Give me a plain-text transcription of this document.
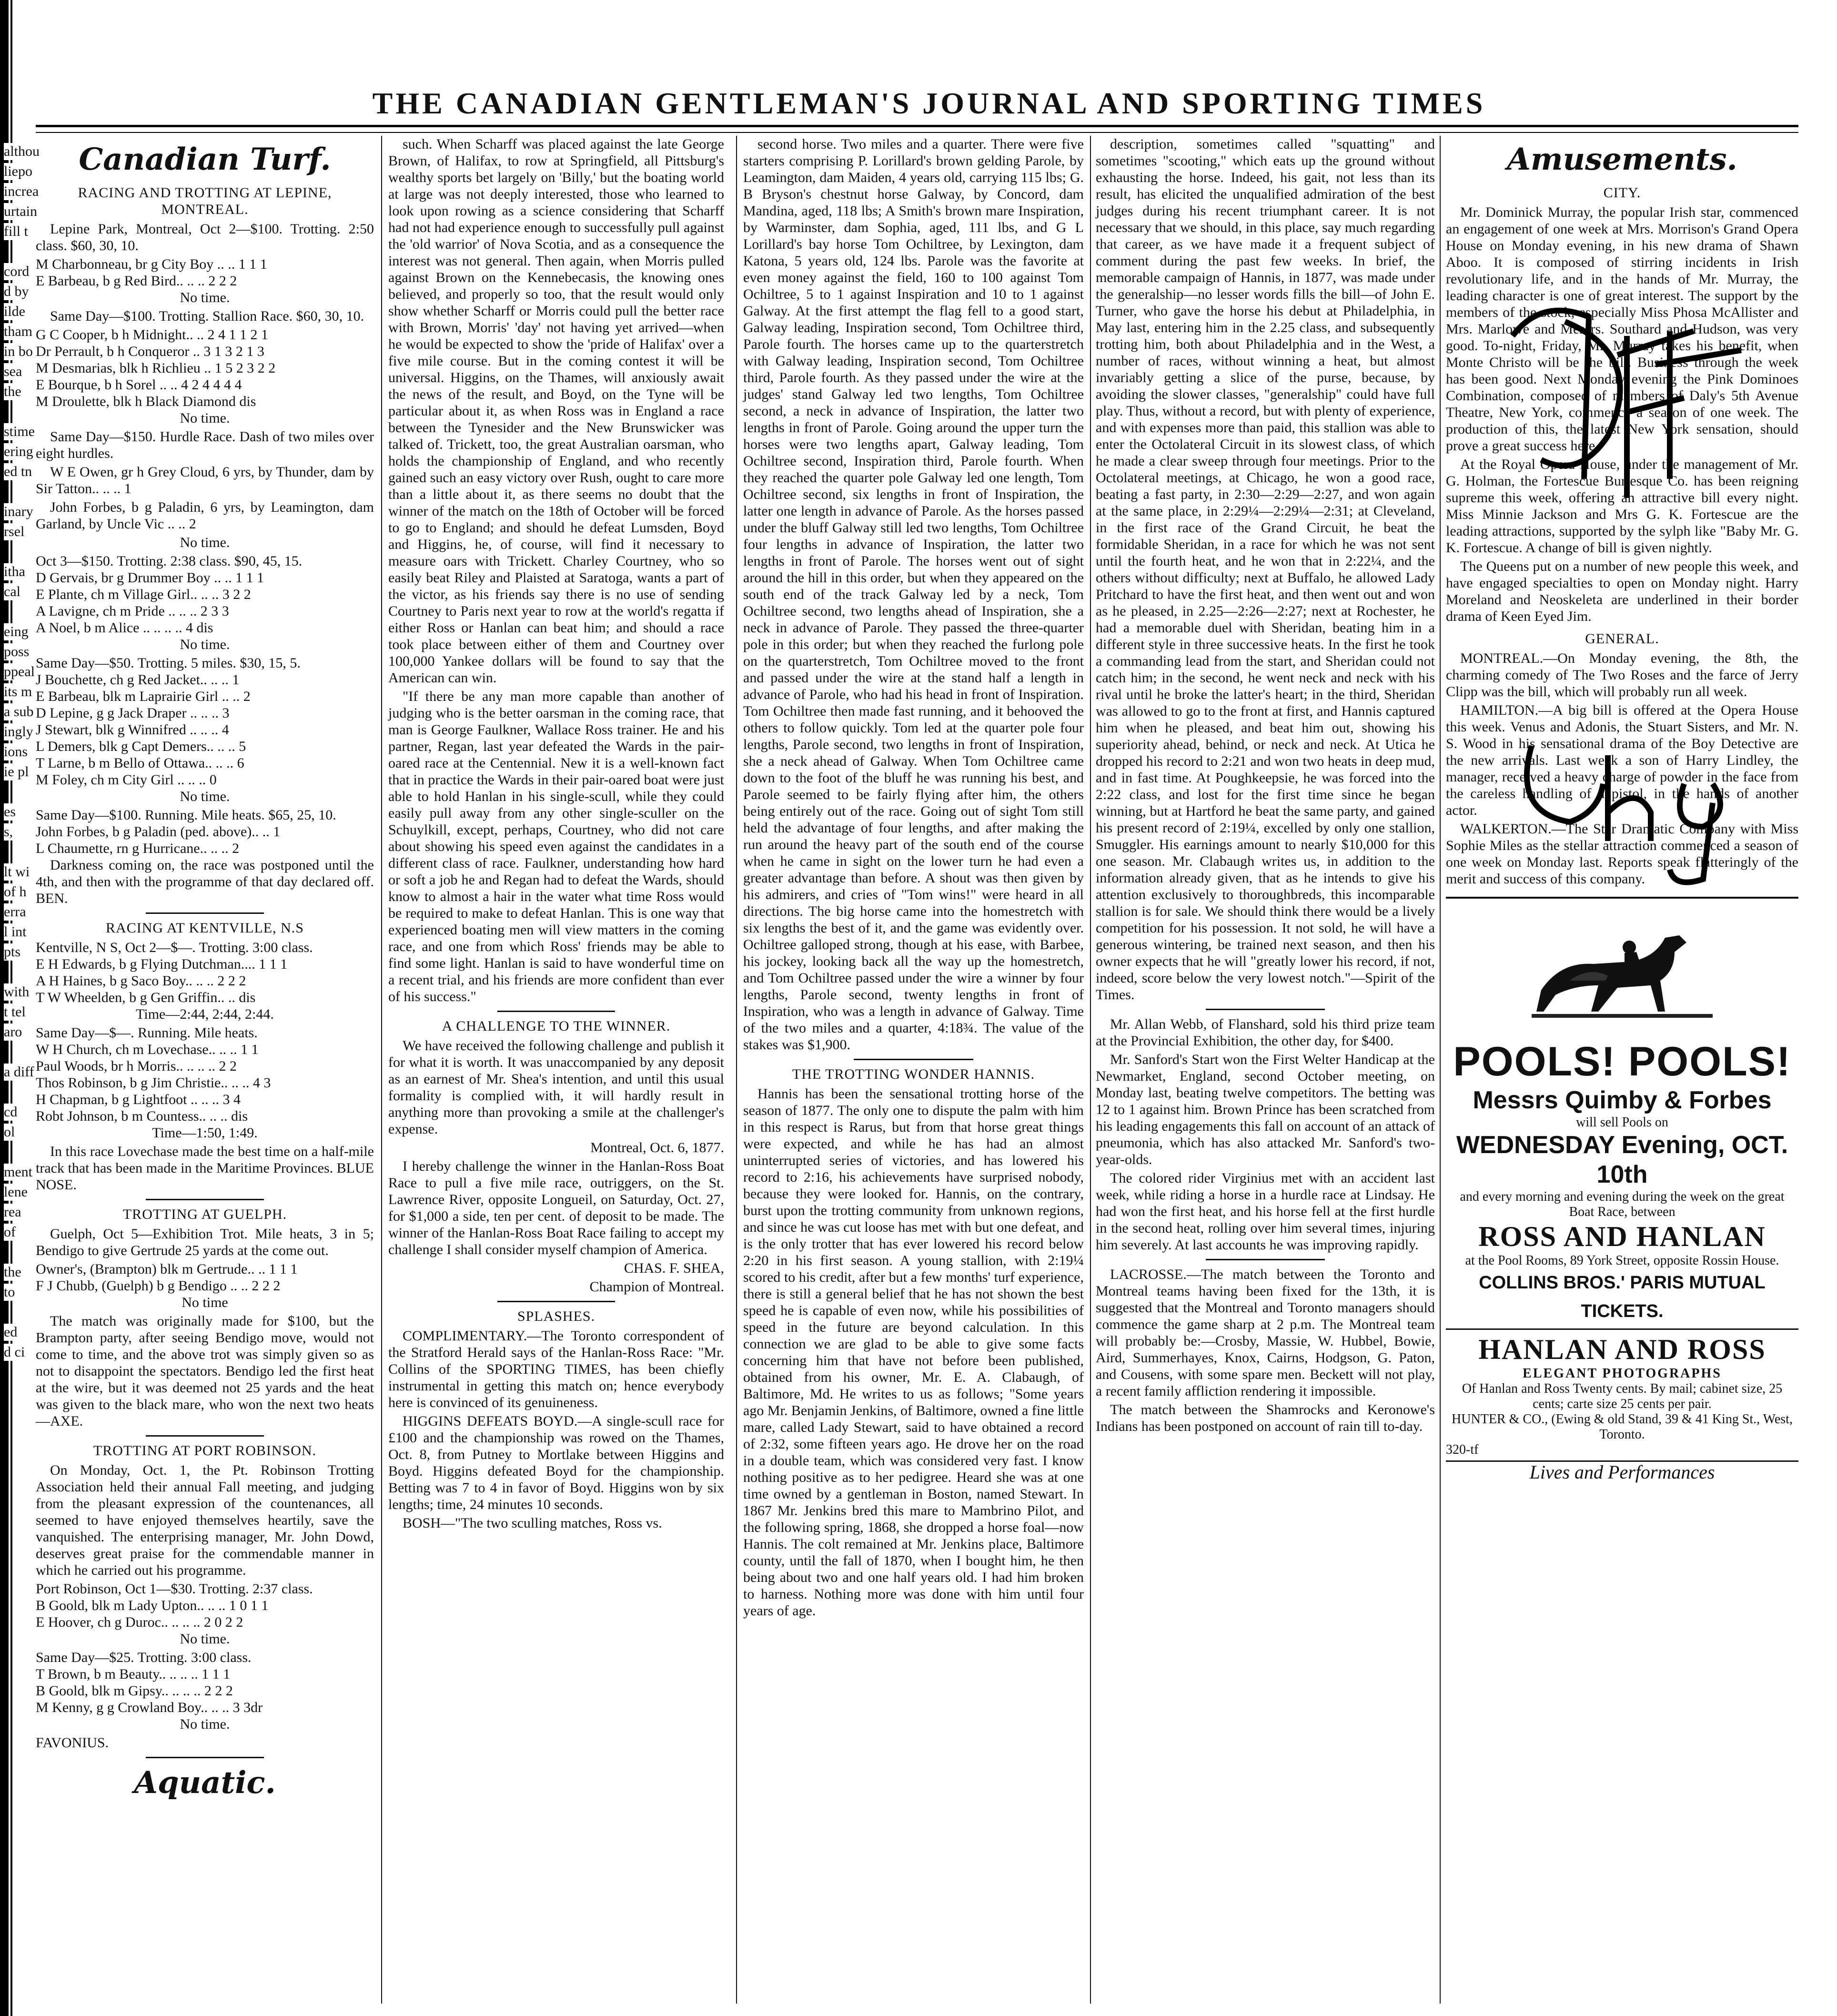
althou
liepo
increa
urtain
fill t
cord
d by
ilde
tham
in bo
sea
the
stime
ering
ed tn
inary
rsel
itha
cal
eing
poss
ppeal
its m
a sub
ingly
ions
ie pl
es
s,
lt wi
of h
erra
l int
pts
with
t tel
aro
a diff
cd
ol
ment
lene
rea
of
the
to
ed
d ci
THE CANADIAN GENTLEMAN'S JOURNAL AND SPORTING TIMES
Canadian Turf.
RACING AND TROTTING AT LEPINE, MONTREAL.

Lepine Park, Montreal, Oct 2—$100. Trotting. 2:50 class. $60, 30, 10.

M Charbonneau, br g City Boy .. .. 1 1 1

E Barbeau, b g Red Bird.. .. .. 2 2 2

No time.

Same Day—$100. Trotting. Stallion Race. $60, 30, 10.

G C Cooper, b h Midnight.. .. 2 4 1 1 2 1

Dr Perrault, b h Conqueror .. 3 1 3 2 1 3

M Desmarias, blk h Richlieu .. 1 5 2 3 2 2

E Bourque, b h Sorel .. .. 4 2 4 4 4 4

M Droulette, blk h Black Diamond dis

No time.

Same Day—$150. Hurdle Race. Dash of two miles over eight hurdles.

W E Owen, gr h Grey Cloud, 6 yrs, by Thunder, dam by Sir Tatton.. .. .. 1

John Forbes, b g Paladin, 6 yrs, by Leamington, dam Garland, by Uncle Vic .. .. 2

No time.

Oct 3—$150. Trotting. 2:38 class. $90, 45, 15.

D Gervais, br g Drummer Boy .. .. 1 1 1

E Plante, ch m Village Girl.. .. .. 3 2 2

A Lavigne, ch m Pride .. .. .. 2 3 3

A Noel, b m Alice .. .. .. .. 4 dis

No time.

Same Day—$50. Trotting. 5 miles. $30, 15, 5.

J Bouchette, ch g Red Jacket.. .. .. 1

E Barbeau, blk m Laprairie Girl .. .. 2

D Lepine, g g Jack Draper .. .. .. 3

J Stewart, blk g Winnifred .. .. .. 4

L Demers, blk g Capt Demers.. .. .. 5

T Larne, b m Bello of Ottawa.. .. .. 6

M Foley, ch m City Girl .. .. .. 0

No time.

Same Day—$100. Running. Mile heats. $65, 25, 10.

John Forbes, b g Paladin (ped. above).. .. 1

L Chaumette, rn g Hurricane.. .. .. 2

Darkness coming on, the race was postponed until the 4th, and then with the programme of that day declared off. BEN.

RACING AT KENTVILLE, N.S

Kentville, N S, Oct 2—$—. Trotting. 3:00 class.

E H Edwards, b g Flying Dutchman.... 1 1 1

A H Haines, b g Saco Boy.. .. .. 2 2 2

T W Wheelden, b g Gen Griffin.. .. dis

Time—2:44, 2:44, 2:44.

Same Day—$—. Running. Mile heats.

W H Church, ch m Lovechase.. .. .. 1 1

Paul Woods, br h Morris.. .. .. .. 2 2

Thos Robinson, b g Jim Christie.. .. .. 4 3

H Chapman, b g Lightfoot .. .. .. 3 4

Robt Johnson, b m Countess.. .. .. dis

Time—1:50, 1:49.

In this race Lovechase made the best time on a half-mile track that has been made in the Maritime Provinces. BLUE NOSE.

TROTTING AT GUELPH.

Guelph, Oct 5—Exhibition Trot. Mile heats, 3 in 5; Bendigo to give Gertrude 25 yards at the come out.

Owner's, (Brampton) blk m Gertrude.. .. 1 1 1

F J Chubb, (Guelph) b g Bendigo .. .. 2 2 2

No time

The match was originally made for $100, but the Brampton party, after seeing Bendigo move, would not come to time, and the above trot was simply given so as not to disappoint the spectators. Bendigo led the first heat at the wire, but it was deemed not 25 yards and the heat was given to the black mare, who won the next two heats—AXE.

TROTTING AT PORT ROBINSON.

On Monday, Oct. 1, the Pt. Robinson Trotting Association held their annual Fall meeting, and judging from the pleasant expression of the countenances, all seemed to have enjoyed themselves heartily, save the vanquished. The enterprising manager, Mr. John Dowd, deserves great praise for the commendable manner in which he carried out his programme.

Port Robinson, Oct 1—$30. Trotting. 2:37 class.

B Goold, blk m Lady Upton.. .. .. 1 0 1 1

E Hoover, ch g Duroc.. .. .. .. 2 0 2 2

No time.

Same Day—$25. Trotting. 3:00 class.

T Brown, b m Beauty.. .. .. .. 1 1 1

B Goold, blk m Gipsy.. .. .. .. 2 2 2

M Kenny, g g Crowland Boy.. .. .. 3 3dr

No time.

FAVONIUS.

Aquatic.

such. When Scharff was placed against the late George Brown, of Halifax, to row at Springfield, all Pittsburg's wealthy sports bet largely on 'Billy,' but the boating world at large was not deeply interested, those who learned to look upon rowing as a science considering that Scharff had not had experience enough to successfully pull against the 'old warrior' of Nova Scotia, and as a consequence the interest was not general. Then again, when Morris pulled against Brown on the Kennebecasis, the knowing ones believed, and properly so too, that the result would only show whether Scharff or Morris could pull the better race with Brown, Morris' 'day' not having yet arrived—when he would be expected to show the 'pride of Halifax' over a five mile course. But in the coming contest it will be universal. Higgins, on the Thames, will anxiously await the news of the result, and Boyd, on the Tyne will be particular about it, as when Ross was in England a race between the Tynesider and the New Brunswicker was talked of. Trickett, too, the great Australian oarsman, who holds the championship of England, and who recently gained such an easy victory over Rush, ought to care more than a little about it, as there seems no doubt that the winner of the match on the 18th of October will be forced to go to England; and should he defeat Lumsden, Boyd and Higgins, he, of course, will find it necessary to measure oars with Trickett. Charley Courtney, who so easily beat Riley and Plaisted at Saratoga, wants a part of the victor, as his friends say there is no use of sending Courtney to Paris next year to row at the world's regatta if either Ross or Hanlan can beat him; and should a race took place between either of them and Courtney over 100,000 Yankee dollars will be found to say that the American can win.

"If there be any man more capable than another of judging who is the better oarsman in the coming race, that man is George Faulkner, Wallace Ross trainer. He and his partner, Regan, last year defeated the Wards in the pair-oared race at the Centennial. New it is a well-known fact that in practice the Wards in their pair-oared boat were just able to hold Hanlan in his single-scull, while they could easily pull away from any other single-sculler on the Schuylkill, except, perhaps, Courtney, who did not care about showing his speed even against the candidates in a different class of race. Faulkner, understanding how hard or soft a job he and Regan had to defeat the Wards, should know to almost a hair in the water what time Ross would be required to make to defeat Hanlan. This is one way that experienced boating men will view matters in the coming race, and one from which Ross' friends may be able to find some light. Hanlan is said to have wonderful time on a recent trial, and his friends are more confident than ever of his success."

A CHALLENGE TO THE WINNER.

We have received the following challenge and publish it for what it is worth. It was unaccompanied by any deposit as an earnest of Mr. Shea's intention, and until this usual formality is complied with, it will hardly result in anything more than provoking a smile at the challenger's expense.

Montreal, Oct. 6, 1877.

I hereby challenge the winner in the Hanlan-Ross Boat Race to pull a five mile race, outriggers, on the St. Lawrence River, opposite Longueil, on Saturday, Oct. 27, for $1,000 a side, ten per cent. of deposit to be made. The winner of the Hanlan-Ross Boat Race failing to accept my challenge I shall consider myself champion of America.

CHAS. F. SHEA,

Champion of Montreal.

SPLASHES.

COMPLIMENTARY.—The Toronto correspondent of the Stratford Herald says of the Hanlan-Ross Race: "Mr. Collins of the SPORTING TIMES, has been chiefly instrumental in getting this match on; hence everybody here is convinced of its genuineness.

HIGGINS DEFEATS BOYD.—A single-scull race for £100 and the championship was rowed on the Thames, Oct. 8, from Putney to Mortlake between Higgins and Boyd. Higgins defeated Boyd for the championship. Betting was 7 to 4 in favor of Boyd. Higgins won by six lengths; time, 24 minutes 10 seconds.

BOSH—"The two sculling matches, Ross vs.

second horse. Two miles and a quarter. There were five starters comprising P. Lorillard's brown gelding Parole, by Leamington, dam Maiden, 4 years old, carrying 115 lbs; G. B Bryson's chestnut horse Galway, by Concord, dam Mandina, aged, 118 lbs; A Smith's brown mare Inspiration, by Warminster, dam Sophia, aged, 111 lbs, and G L Lorillard's bay horse Tom Ochiltree, by Lexington, dam Katona, 5 years old, 124 lbs. Parole was the favorite at even money against the field, 160 to 100 against Tom Ochiltree, 5 to 1 against Inspiration and 10 to 1 against Galway. At the first attempt the flag fell to a good start, Galway leading, Inspiration second, Tom Ochiltree third, Parole fourth. The horses came up to the quarterstretch with Galway leading, Inspiration second, Tom Ochiltree third, Parole fourth. As they passed under the wire at the judges' stand Galway led two lengths, Tom Ochiltree second, a neck in advance of Inspiration, the latter two lengths in front of Parole. Going around the upper turn the horses were two lengths apart, Galway leading, Tom Ochiltree second, Inspiration third, Parole fourth. When they reached the quarter pole Galway led one length, Tom Ochiltree second, six lengths in front of Inspiration, the latter one length in advance of Parole. As the horses passed under the bluff Galway still led two lengths, Tom Ochiltree four lengths in advance of Inspiration, the latter two lengths in front of Parole. The horses went out of sight around the hill in this order, but when they appeared on the south end of the track Galway led by a neck, Tom Ochiltree second, two lengths ahead of Inspiration, she a neck in advance of Parole. They passed the three-quarter pole in this order; but when they reached the furlong pole on the quarterstretch, Tom Ochiltree moved to the front and passed under the wire at the stand half a length in advance of Parole, who had his head in front of Inspiration. Tom Ochiltree then made fast running, and it behooved the others to follow quickly. Tom led at the quarter pole four lengths, Parole second, two lengths in front of Inspiration, she a neck ahead of Galway. When Tom Ochiltree came down to the foot of the bluff he was running his best, and Parole seemed to be fairly flying after him, the others being entirely out of the race. Going out of sight Tom still held the advantage of four lengths, and after making the run around the heavy part of the south end of the course when he came in sight on the lower turn he had even a greater advantage than before. A shout was then given by his admirers, and cries of "Tom wins!" were heard in all directions. The big horse came into the homestretch with six lengths the best of it, and the game was evidently over. Ochiltree galloped strong, though at his ease, with Barbee, his jockey, looking back all the way up the homestretch, and Tom Ochiltree passed under the wire a winner by four lengths, Parole second, twenty lengths in front of Inspiration, who was a length in advance of Galway. Time of the two miles and a quarter, 4:18¾. The value of the stakes was $1,900.

THE TROTTING WONDER HANNIS.

Hannis has been the sensational trotting horse of the season of 1877. The only one to dispute the palm with him in this respect is Rarus, but from that horse great things were expected, and while he has had an almost uninterrupted series of victories, and has lowered his record to 2:16, his achievements have surprised nobody, because they were looked for. Hannis, on the contrary, burst upon the trotting community from unknown regions, and since he was cut loose has met with but one defeat, and is the only trotter that has ever lowered his record below 2:20 in his first season. A young stallion, with 2:19¼ scored to his credit, after but a few months' turf experience, there is still a general belief that he has not shown the best speed he is capable of even now, while his possibilities of speed in the future are beyond calculation. In this connection we are glad to be able to give some facts concerning him that have not before been published, obtained from his owner, Mr. E. A. Clabaugh, of Baltimore, Md. He writes to us as follows; "Some years ago Mr. Benjamin Jenkins, of Baltimore, owned a fine little mare, called Lady Stewart, said to have obtained a record of 2:32, some fifteen years ago. He drove her on the road in a double team, which was considered very fast. I know nothing positive as to her pedigree. Heard she was at one time owned by a gentleman in Boston, named Stewart. In 1867 Mr. Jenkins bred this mare to Mambrino Pilot, and the following spring, 1868, she dropped a horse foal—now Hannis. The colt remained at Mr. Jenkins place, Baltimore county, until the fall of 1870, when I bought him, he then being about two and one half years old. I had him broken to harness. Nothing more was done with him until four years of age.

description, sometimes called "squatting" and sometimes "scooting," which eats up the ground without exhausting the horse. Indeed, his gait, not less than its result, has elicited the unqualified admiration of the best judges during his recent triumphant career. It is not necessary that we should, in this place, say much regarding that career, as we have made it a frequent subject of comment during the past few weeks. In brief, the memorable campaign of Hannis, in 1877, was made under the generalship—no lesser words fills the bill—of John E. Turner, who gave the horse his debut at Philadelphia, in May last, entering him in the 2.25 class, and subsequently trotting him, both about Philadelphia and in the West, a number of races, without winning a heat, but almost invariably getting a slice of the purse, because, by avoiding the slower classes, "generalship" could have full play. Thus, without a record, but with plenty of experience, and with expenses more than paid, this stallion was able to enter the Octolateral Circuit in its slowest class, of which he made a clear sweep through four meetings. Prior to the Octolateral meetings, at Chicago, he won a good race, beating a fast party, in 2:30—2:29—2:27, and won again at the same place, in 2:29¼—2:29¼—2:31; at Cleveland, in the first race of the Grand Circuit, he beat the formidable Sheridan, in a race for which he was not sent until the fourth heat, and he won that in 2:22¼, and the others without difficulty; next at Buffalo, he allowed Lady Pritchard to have the first heat, and then went out and won as he pleased, in 2.25—2:26—2:27; next at Rochester, he had a memorable duel with Sheridan, beating him in a different style in three successive heats. In the first he took a commanding lead from the start, and Sheridan could not catch him; in the second, he went neck and neck with his rival until he broke the latter's heart; in the third, Sheridan was allowed to go to the front at first, and Hannis captured him when he pleased, and beat him out, showing his superiority ahead, behind, or neck and neck. At Utica he dropped his record to 2:21 and won two heats in deep mud, and in fast time. At Poughkeepsie, he was forced into the 2:22 class, and lost for the first time since he began winning, but at Hartford he beat the same party, and gained his present record of 2:19¼, excelled by only one stallion, Smuggler. His earnings amount to nearly $10,000 for this one season. Mr. Clabaugh writes us, in addition to the information already given, that as he intends to give his attention exclusively to thoroughbreds, this incomparable stallion is for sale. We should think there would be a lively competition for his possession. It not sold, he will have a generous wintering, be trained next season, and then his owner expects that he will "greatly lower his record, if not, indeed, score below the very lowest notch."—Spirit of the Times.

Mr. Allan Webb, of Flanshard, sold his third prize team at the Provincial Exhibition, the other day, for $400.

Mr. Sanford's Start won the First Welter Handicap at the Newmarket, England, second October meeting, on Monday last, beating twelve competitors. The betting was 12 to 1 against him. Brown Prince has been scratched from his leading engagements this fall on account of an attack of pneumonia, which has also attacked Mr. Sanford's two-year-olds.

The colored rider Virginius met with an accident last week, while riding a horse in a hurdle race at Lindsay. He had won the first heat, and his horse fell at the first hurdle in the second heat, rolling over him several times, injuring him severely. At last accounts he was improving rapidly.

LACROSSE.—The match between the Toronto and Montreal teams having been fixed for the 13th, it is suggested that the Montreal and Toronto managers should commence the game sharp at 2 p.m. The Montreal team will probably be:—Crosby, Massie, W. Hubbel, Bowie, Aird, Summerhayes, Knox, Cairns, Hodgson, G. Paton, and Cousens, with some spare men. Beckett will not play, a recent family affliction rendering it impossible.

The match between the Shamrocks and Keronowe's Indians has been postponed on account of rain till to-day.

Amusements.
CITY.

Mr. Dominick Murray, the popular Irish star, commenced an engagement of one week at Mrs. Morrison's Grand Opera House on Monday evening, in his new drama of Shawn Aboo. It is composed of stirring incidents in Irish revolutionary life, and in the hands of Mr. Murray, the leading character is one of great interest. The support by the members of the stock, especially Miss Phosa McAllister and Mrs. Marlowe and Messrs. Southard and Hudson, was very good. To-night, Friday, Mr. Murray takes his benefit, when Monte Christo will be the bill. Business through the week has been good. Next Monday evening the Pink Dominoes Combination, composed of members of Daly's 5th Avenue Theatre, New York, commence a season of one week. The production of this, the latest New York sensation, should prove a great success here.

At the Royal Opera House, under the management of Mr. G. Holman, the Fortescue Burlesque Co. has been reigning supreme this week, offering an attractive bill every night. Miss Minnie Jackson and Mrs G. K. Fortescue are the leading attractions, supported by the sylph like "Baby Mr. G. K. Fortescue. A change of bill is given nightly.

The Queens put on a number of new people this week, and have engaged specialties to open on Monday night. Harry Moreland and Neoskeleta are underlined in their border drama of Keen Eyed Jim.

GENERAL.

MONTREAL.—On Monday evening, the 8th, the charming comedy of The Two Roses and the farce of Jerry Clipp was the bill, which will probably run all week.

HAMILTON.—A big bill is offered at the Opera House this week. Venus and Adonis, the Stuart Sisters, and Mr. N. S. Wood in his sensational drama of the Boy Detective are the new arrivals. Last week a son of Harry Lindley, the manager, received a heavy charge of powder in the face from the careless handling of a pistol, in the hands of another actor.

WALKERTON.—The Star Dramatic Company with Miss Sophie Miles as the stellar attraction commenced a season of one week on Monday last. Reports speak flatteringly of the merit and success of this company.

POOLS! POOLS!
Messrs Quimby & Forbes
will sell Pools on
WEDNESDAY Evening, OCT. 10th
and every morning and evening during the week on the great Boat Race, between
ROSS AND HANLAN
at the Pool Rooms, 89 York Street, opposite Rossin House.
COLLINS BROS.' PARIS MUTUAL TICKETS.
HANLAN AND ROSS
ELEGANT PHOTOGRAPHS
Of Hanlan and Ross Twenty cents. By mail; cabinet size, 25 cents; carte size 25 cents per pair.
HUNTER & CO., (Ewing & old Stand, 39 & 41 King St., West, Toronto.
320-tf
Lives and Performances
